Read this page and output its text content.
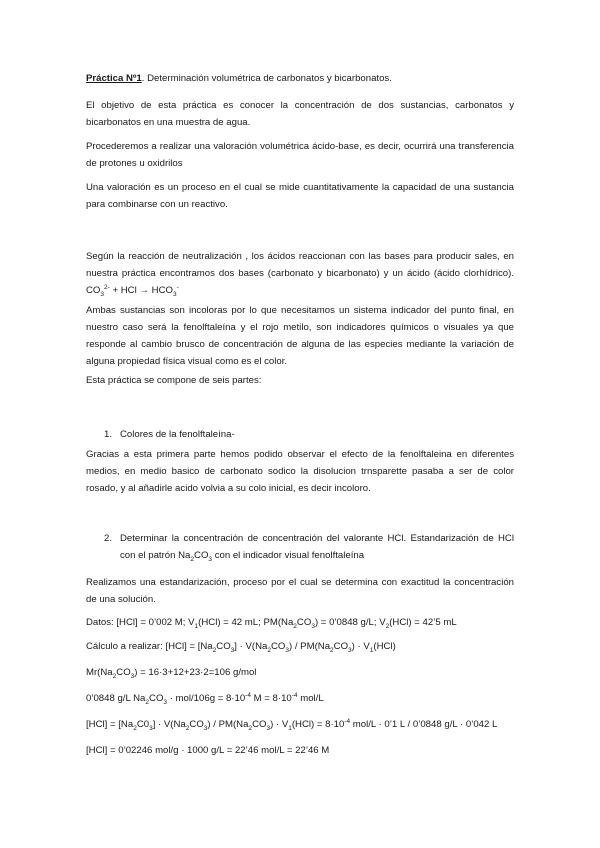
Práctica Nº1. Determinación volumétrica de carbonatos y bicarbonatos.

El objetivo de esta práctica es conocer la concentración de dos sustancias, carbonatos y bicarbonatos en una muestra de agua.

Procederemos a realizar una valoración volumétrica ácido-base, es decir, ocurrirá una transferencia de protones u oxidrilos

Una valoración es un proceso en el cual se mide cuantitativamente la capacidad de una sustancia para combinarse con un reactivo.

Según la reacción de neutralización , los ácidos reaccionan con las bases para producir sales, en nuestra práctica encontramos dos bases (carbonato y bicarbonato) y un ácido (ácido clorhídrico). $CO_3^{2-}$ + HCl → $HCO_3^-$

Ambas sustancias son incoloras por lo que necesitamos un sistema indicador del punto final, en nuestro caso será la fenolftaleína y el rojo metilo, son indicadores químicos o visuales ya que responde al cambio brusco de concentración de alguna de las especies mediante la variación de alguna propiedad física visual como es el color.

Esta práctica se compone de seis partes:

1. Colores de la fenolftaleína-

Gracias a esta primera parte hemos podido observar el efecto de la fenolftaleina en diferentes medios, en medio basico de carbonato sodico la disolucion trnsparette pasaba a ser de color rosado, y al añadirle acido volvia a su colo inicial, es decir incoloro.

2. Determinar la concentración de concentración del valorante HCl. Estandarización de HCl con el patrón $Na_2CO_3$ con el indicador visual fenolftaleína

Realizamos una estandarización, proceso por el cual se determina con exactitud la concentración de una solución.

Datos: [HCl] = 0’002 M; $V_1(HCl) = 42$ mL; $PM(Na_2CO_3)$ = 0’0848 g/L; $V_2(HCl)$ = 42’5 mL

Cálculo a realizar: $[HCl] = [Na_2CO_3] \cdot V(Na_2CO_3) / PM(Na_2CO_3) \cdot V_1(HCl)$

$Mr(Na_2CO_3) = 16\cdot 3+12+23\cdot 2=106$ g/mol

0’0848 g/L $Na_2CO_3 \cdot mol/106g = 8\cdot 10^{-4}$ $M = 8\cdot 10^{-4}$ mol/L

$[HCl] = [Na_2C0_3] \cdot V(Na_2CO_3) / PM(Na_2CO_3) \cdot V_1(HCl) = 8\cdot 10^{-4}$ mol/L · 0’1 L / 0’0848 g/L · 0’042 L

[HCl] = 0’02246 mol/g · 1000 g/L = 22’46 mol/L = 22’46 M
